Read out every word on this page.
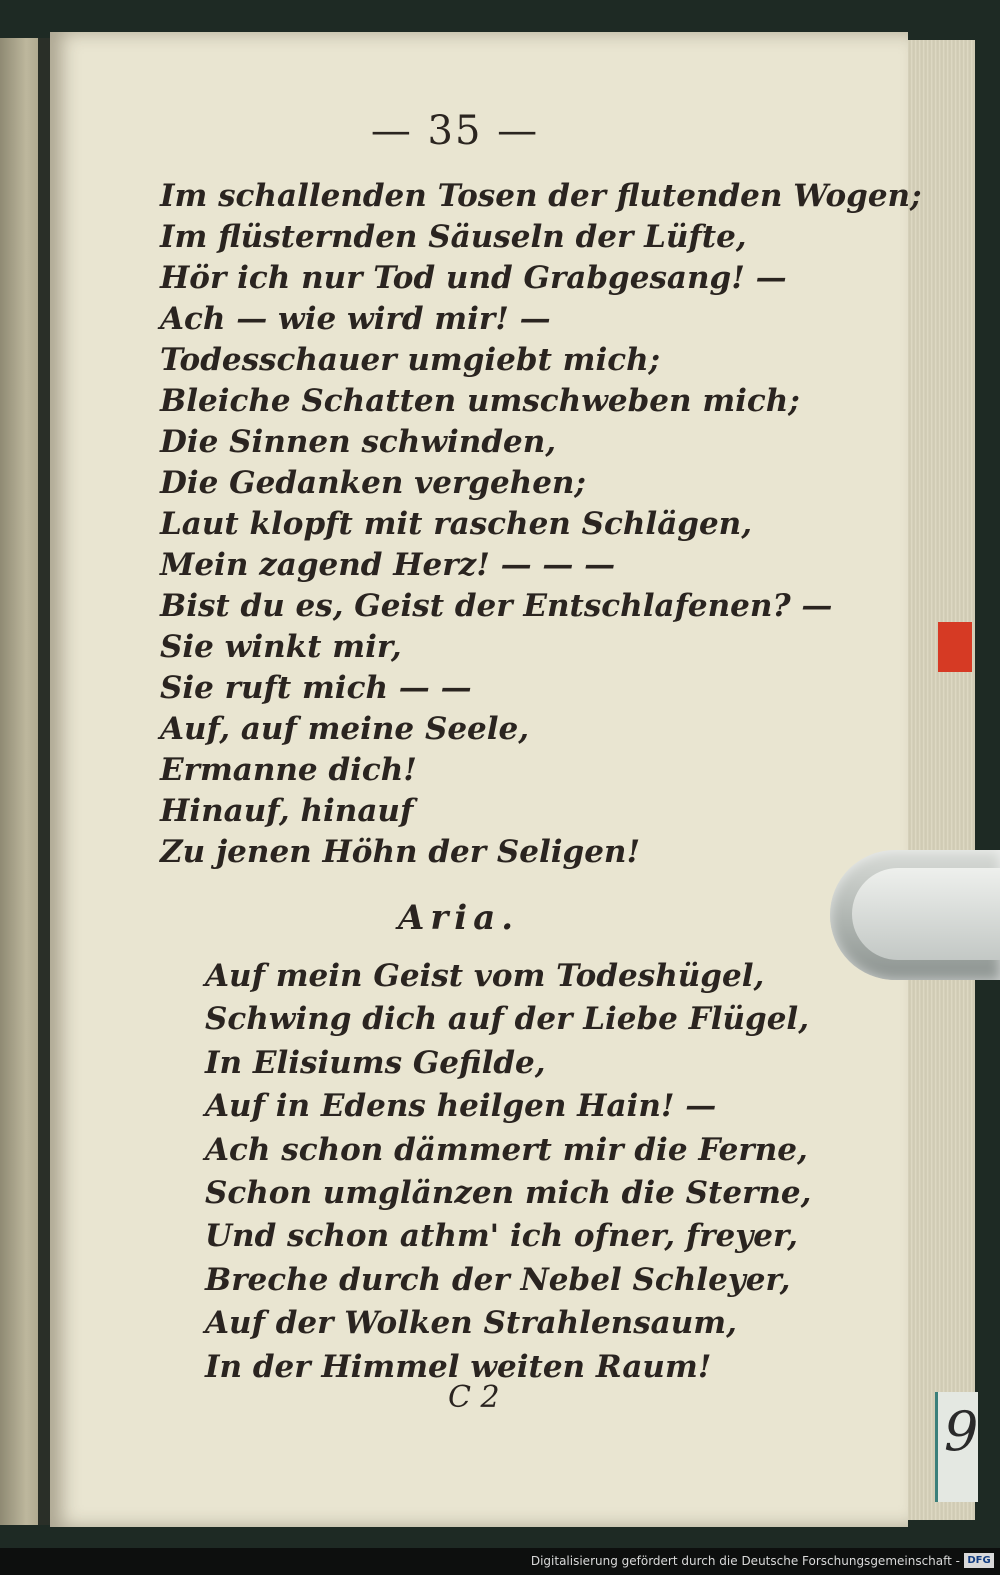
— 35 —
Im schallenden Tosen der flutenden Wogen;
Im flüsternden Säuseln der Lüfte,
Hör ich nur Tod und Grabgesang! —
Ach — wie wird mir! —
Todesschauer umgiebt mich;
Bleiche Schatten umschweben mich;
Die Sinnen schwinden,
Die Gedanken vergehen;
Laut klopft mit raschen Schlägen,
Mein zagend Herz! — — —
Bist du es, Geist der Entschlafenen? —
Sie winkt mir,
Sie ruft mich — —
Auf, auf meine Seele,
Ermanne dich!
Hinauf, hinauf
Zu jenen Höhn der Seligen!
Aria.
Auf mein Geist vom Todeshügel,
Schwing dich auf der Liebe Flügel,
In Elisiums Gefilde,
Auf in Edens heilgen Hain! —
Ach schon dämmert mir die Ferne,
Schon umglänzen mich die Sterne,
Und schon athm' ich ofner, freyer,
Breche durch der Nebel Schleyer,
Auf der Wolken Strahlensaum,
In der Himmel weiten Raum!
C 2
9
Digitalisierung gefördert durch die Deutsche Forschungsgemeinschaft - DFG
